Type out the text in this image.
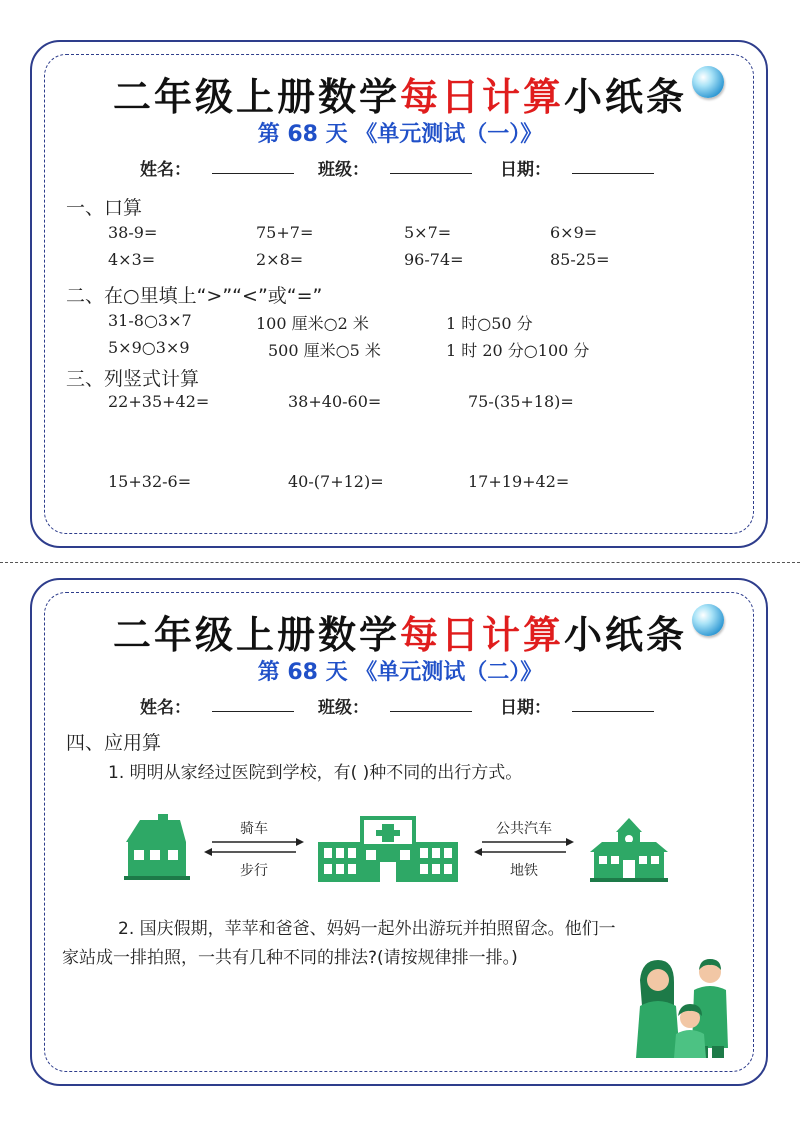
二年级上册数学每日计算小纸条
第 68 天 《单元测试（一）》
姓名：	班级：	日期：
一、口算
38-9=	75+7=	5×7=	6×9=
4×3=	2×8=	96-74=	85-25=
二、在○里填上“>”“<”或“=”
31-8○3×7	100 厘米○2 米	1 时○50 分
5×9○3×9	500 厘米○5 米	1 时 20 分○100 分
三、列竖式计算
22+35+42=	38+40-60=	75-(35+18)=
15+32-6=	40-(7+12)=	17+19+42=
二年级上册数学每日计算小纸条
第 68 天 《单元测试（二）》
姓名：	班级：	日期：
四、应用算
1. 明明从家经过医院到学校，有( )种不同的出行方式。
骑车
步行
公共汽车
地铁
2. 国庆假期，苹苹和爸爸、妈妈一起外出游玩并拍照留念。他们一
家站成一排拍照，一共有几种不同的排法?(请按规律排一排。)
